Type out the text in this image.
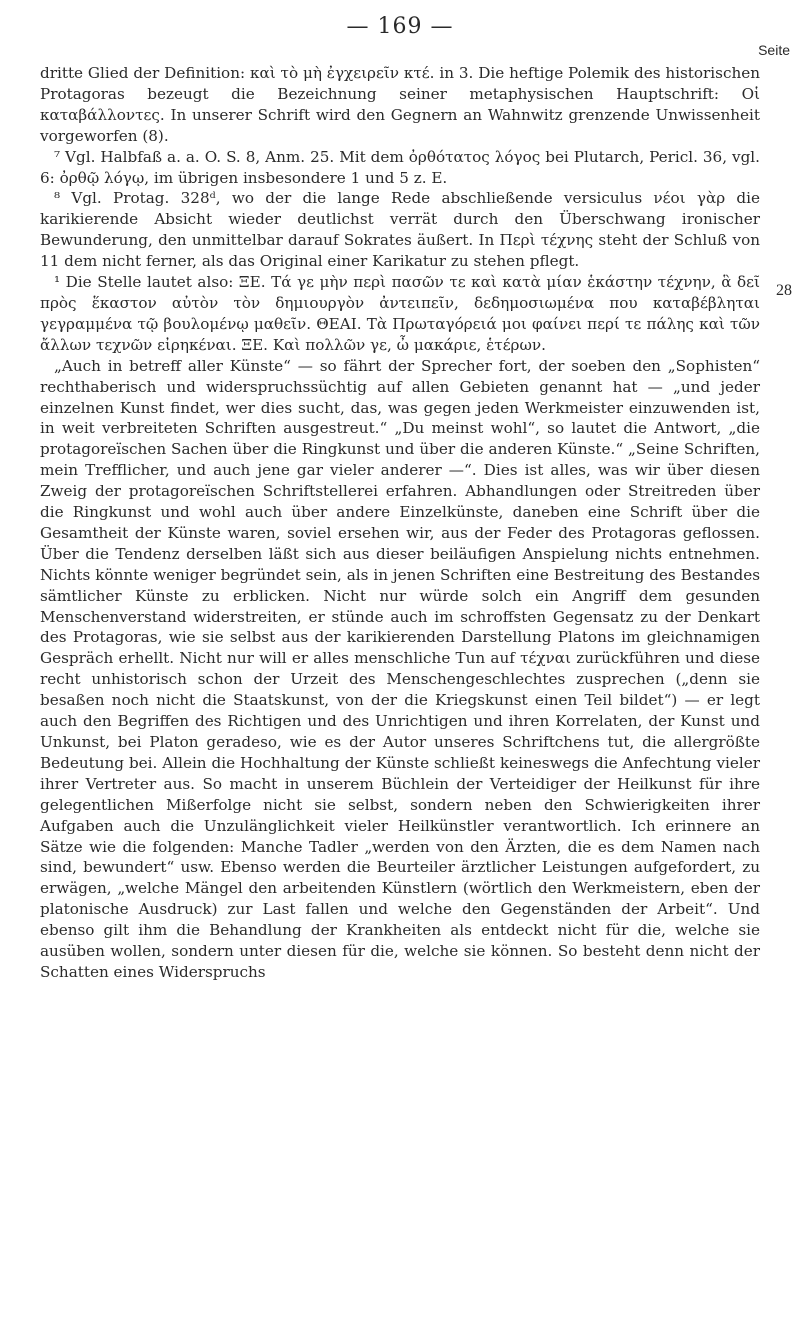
— 169 —
Seite
28

dritte Glied der Definition: καὶ τὸ μὴ ἐγχειρεῖν κτέ. in 3. Die heftige Polemik des historischen Protagoras bezeugt die Bezeichnung seiner metaphysischen Hauptschrift: Οἱ καταβάλλοντες. In unserer Schrift wird den Gegnern an Wahnwitz grenzende Unwissenheit vorgeworfen (8).

⁷ Vgl. Halbfaß a. a. O. S. 8, Anm. 25. Mit dem ὀρθότατος λόγος bei Plutarch, Pericl. 36, vgl. 6: ὀρθῷ λόγῳ, im übrigen insbesondere 1 und 5 z. E.

⁸ Vgl. Protag. 328ᵈ, wo der die lange Rede abschließende versiculus νέοι γὰρ die karikierende Absicht wieder deutlichst verrät durch den Überschwang ironischer Bewunderung, den unmittelbar darauf Sokrates äußert. In Περὶ τέχνης steht der Schluß von 11 dem nicht ferner, als das Original einer Karikatur zu stehen pflegt.

¹ Die Stelle lautet also: ΞΕ. Τά γε μὴν περὶ πασῶν τε καὶ κατὰ μίαν ἑκάστην τέχνην, ἃ δεῖ πρὸς ἕκαστον αὐτὸν τὸν δημιουργὸν ἀντειπεῖν, δεδημοσιωμένα που καταβέβληται γεγραμμένα τῷ βουλομένῳ μαθεῖν. ΘΕΑΙ. Τὰ Πρωταγόρειά μοι φαίνει περί τε πάλης καὶ τῶν ἄλλων τεχνῶν εἰρηκέναι. ΞΕ. Καὶ πολλῶν γε, ὦ μακάριε, ἑτέρων.

„Auch in betreff aller Künste“ — so fährt der Sprecher fort, der soeben den „Sophisten“ rechthaberisch und widerspruchssüchtig auf allen Gebieten genannt hat — „und jeder einzelnen Kunst findet, wer dies sucht, das, was gegen jeden Werkmeister einzuwenden ist, in weit verbreiteten Schriften ausgestreut.“ „Du meinst wohl“, so lautet die Antwort, „die protagoreïschen Sachen über die Ringkunst und über die anderen Künste.“ „Seine Schriften, mein Trefflicher, und auch jene gar vieler anderer —“. Dies ist alles, was wir über diesen Zweig der protagoreïschen Schriftstellerei erfahren. Abhandlungen oder Streitreden über die Ringkunst und wohl auch über andere Einzelkünste, daneben eine Schrift über die Gesamtheit der Künste waren, soviel ersehen wir, aus der Feder des Protagoras geflossen. Über die Tendenz derselben läßt sich aus dieser beiläufigen Anspielung nichts entnehmen. Nichts könnte weniger begründet sein, als in jenen Schriften eine Bestreitung des Bestandes sämtlicher Künste zu erblicken. Nicht nur würde solch ein Angriff dem gesunden Menschenverstand widerstreiten, er stünde auch im schroffsten Gegensatz zu der Denkart des Protagoras, wie sie selbst aus der karikierenden Darstellung Platons im gleichnamigen Gespräch erhellt. Nicht nur will er alles menschliche Tun auf τέχναι zurückführen und diese recht unhistorisch schon der Urzeit des Menschengeschlechtes zusprechen („denn sie besaßen noch nicht die Staatskunst, von der die Kriegskunst einen Teil bildet“) — er legt auch den Begriffen des Richtigen und des Unrichtigen und ihren Korrelaten, der Kunst und Unkunst, bei Platon geradeso, wie es der Autor unseres Schriftchens tut, die allergrößte Bedeutung bei. Allein die Hochhaltung der Künste schließt keineswegs die Anfechtung vieler ihrer Vertreter aus. So macht in unserem Büchlein der Verteidiger der Heilkunst für ihre gelegentlichen Mißerfolge nicht sie selbst, sondern neben den Schwierigkeiten ihrer Aufgaben auch die Unzulänglichkeit vieler Heilkünstler verantwortlich. Ich erinnere an Sätze wie die folgenden: Manche Tadler „werden von den Ärzten, die es dem Namen nach sind, bewundert“ usw. Ebenso werden die Beurteiler ärztlicher Leistungen aufgefordert, zu erwägen, „welche Mängel den arbeitenden Künstlern (wörtlich den Werkmeistern, eben der platonische Ausdruck) zur Last fallen und welche den Gegenständen der Arbeit“. Und ebenso gilt ihm die Behandlung der Krankheiten als entdeckt nicht für die, welche sie ausüben wollen, sondern unter diesen für die, welche sie können. So besteht denn nicht der Schatten eines Widerspruchs
